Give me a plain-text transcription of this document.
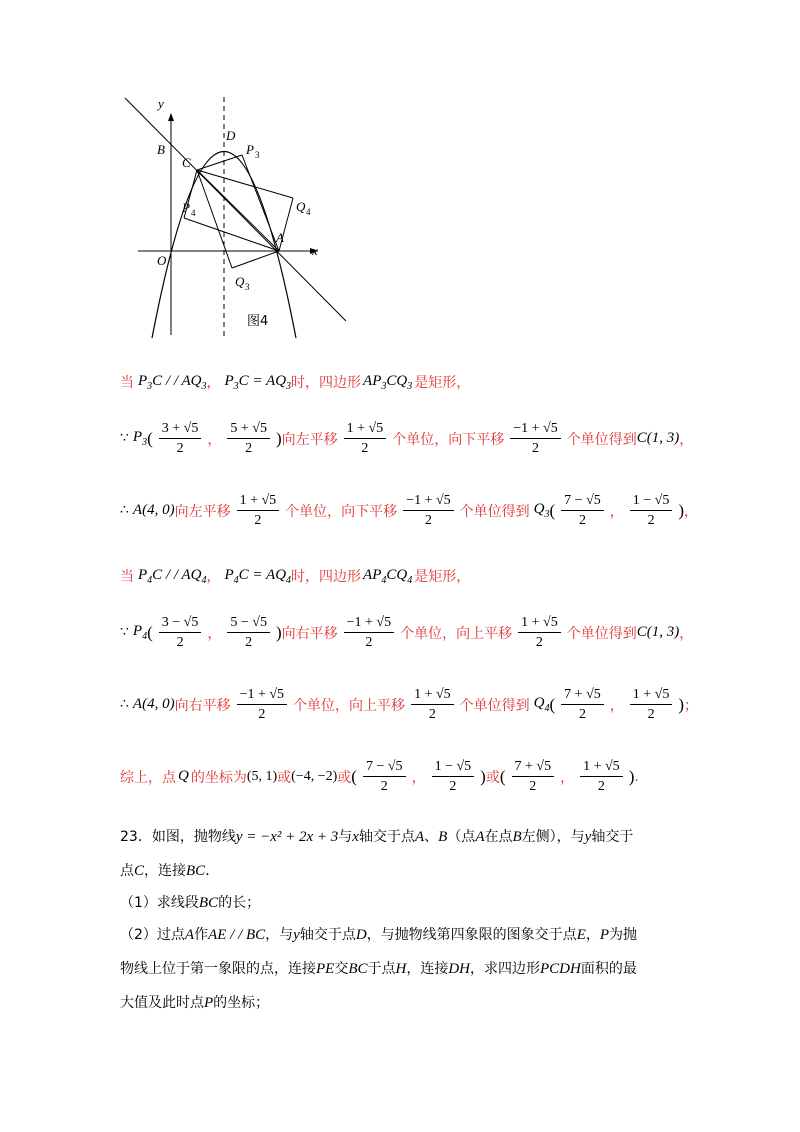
y
x
B
D
C
P 3
P 4	Q 4
A
O
Q 3
图4
当 $P_3C$ / / $AQ_3$ ， $P_3C = AQ_3$ 时，四边形 $AP_3CQ_3$ 是矩形，
∵ $P_3$ ( $\frac{3 + √5}{2}$ ， $\frac{5 + √5}{2}$ ) 向左平移 $\frac{1 + √5}{2}$ 个单位，向下平移 $\frac{-1 + √5}{2}$ 个单位得到 C(1, 3) ，
∴ A(4, 0) 向左平移 $\frac{1 + √5}{2}$ 个单位，向下平移 $\frac{-1 + √5}{2}$ 个单位得到 $Q_3$ ( $\frac{7 - √5}{2}$ ， $\frac{1 - √5}{2}$ ) ，
当 $P_4C$ / / $AQ_4$ ， $P_4C = AQ_4$ 时，四边形 $AP_4CQ_4$ 是矩形，
∵ $P_4$ ( $\frac{3 - √5}{2}$ ， $\frac{5 - √5}{2}$ ) 向右平移 $\frac{-1 + √5}{2}$ 个单位，向上平移 $\frac{1 + √5}{2}$ 个单位得到 C(1, 3) ，
∴ A(4, 0) 向右平移 $\frac{-1 + √5}{2}$ 个单位，向上平移 $\frac{1 + √5}{2}$ 个单位得到 $Q_4$ ( $\frac{7 + √5}{2}$ ， $\frac{1 + √5}{2}$ ) ；
综上，点 Q 的坐标为 (5, 1) 或 (−4, −2) 或 ( $\frac{7 - √5}{2}$ ， $\frac{1 - √5}{2}$ ) 或 ( $\frac{7 + √5}{2}$ ， $\frac{1 + √5}{2}$ ) .
23．如图，抛物线y = −x² + 2x + 3与x轴交于点A、B（点A在点B左侧），与y轴交于
点C，连接BC．
（1）求线段BC的长；
（2）过点A作AE / / BC，与y轴交于点D，与抛物线第四象限的图象交于点E，P为抛
物线上位于第一象限的点，连接PE交BC于点H，连接DH，求四边形PCDH面积的最
大值及此时点P的坐标；
